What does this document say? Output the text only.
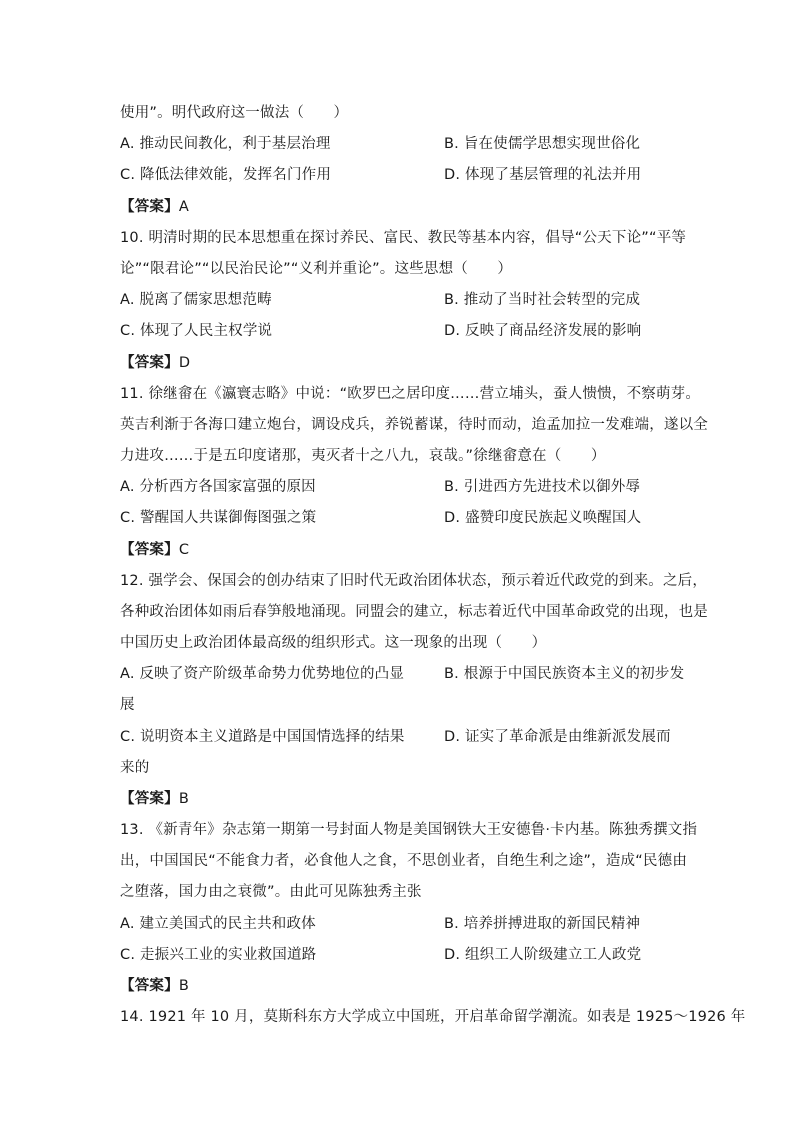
使用”。明代政府这一做法（　　）
A. 推动民间教化，利于基层治理	B. 旨在使儒学思想实现世俗化
C. 降低法律效能，发挥名门作用	D. 体现了基层管理的礼法并用
【答案】A
10. 明清时期的民本思想重在探讨养民、富民、教民等基本内容，倡导“公天下论”“平等
论”“限君论”“以民治民论”“义利并重论”。这些思想（　　）
A. 脱离了儒家思想范畴	B. 推动了当时社会转型的完成
C. 体现了人民主权学说	D. 反映了商品经济发展的影响
【答案】D
11. 徐继畲在《瀛寰志略》中说：“欧罗巴之居印度……营立埔头，蚕人愦愦，不察萌芽。
英吉利渐于各海口建立炮台，调设戍兵，养锐蓄谋，待时而动，迨孟加拉一发难端，遂以全
力进攻……于是五印度诸那，夷灭者十之八九，哀哉。”徐继畲意在（　　）
A. 分析西方各国家富强的原因	B. 引进西方先进技术以御外辱
C. 警醒国人共谋御侮图强之策	D. 盛赞印度民族起义唤醒国人
【答案】C
12. 强学会、保国会的创办结束了旧时代无政治团体状态，预示着近代政党的到来。之后，
各种政治团体如雨后春笋般地涌现。同盟会的建立，标志着近代中国革命政党的出现，也是
中国历史上政治团体最高级的组织形式。这一现象的出现（　　）
A. 反映了资产阶级革命势力优势地位的凸显	B. 根源于中国民族资本主义的初步发
展
C. 说明资本主义道路是中国国情选择的结果	D. 证实了革命派是由维新派发展而
来的
【答案】B
13. 《新青年》杂志第一期第一号封面人物是美国钢铁大王安德鲁·卡内基。陈独秀撰文指
出，中国国民“不能食力者，必食他人之食，不思创业者，自绝生利之途”，造成“民德由
之堕落，国力由之衰微”。由此可见陈独秀主张
A. 建立美国式的民主共和政体	B. 培养拼搏进取的新国民精神
C. 走振兴工业的实业救国道路	D. 组织工人阶级建立工人政党
【答案】B
14. 1921 年 10 月，莫斯科东方大学成立中国班，开启革命留学潮流。如表是 1925～1926 年
